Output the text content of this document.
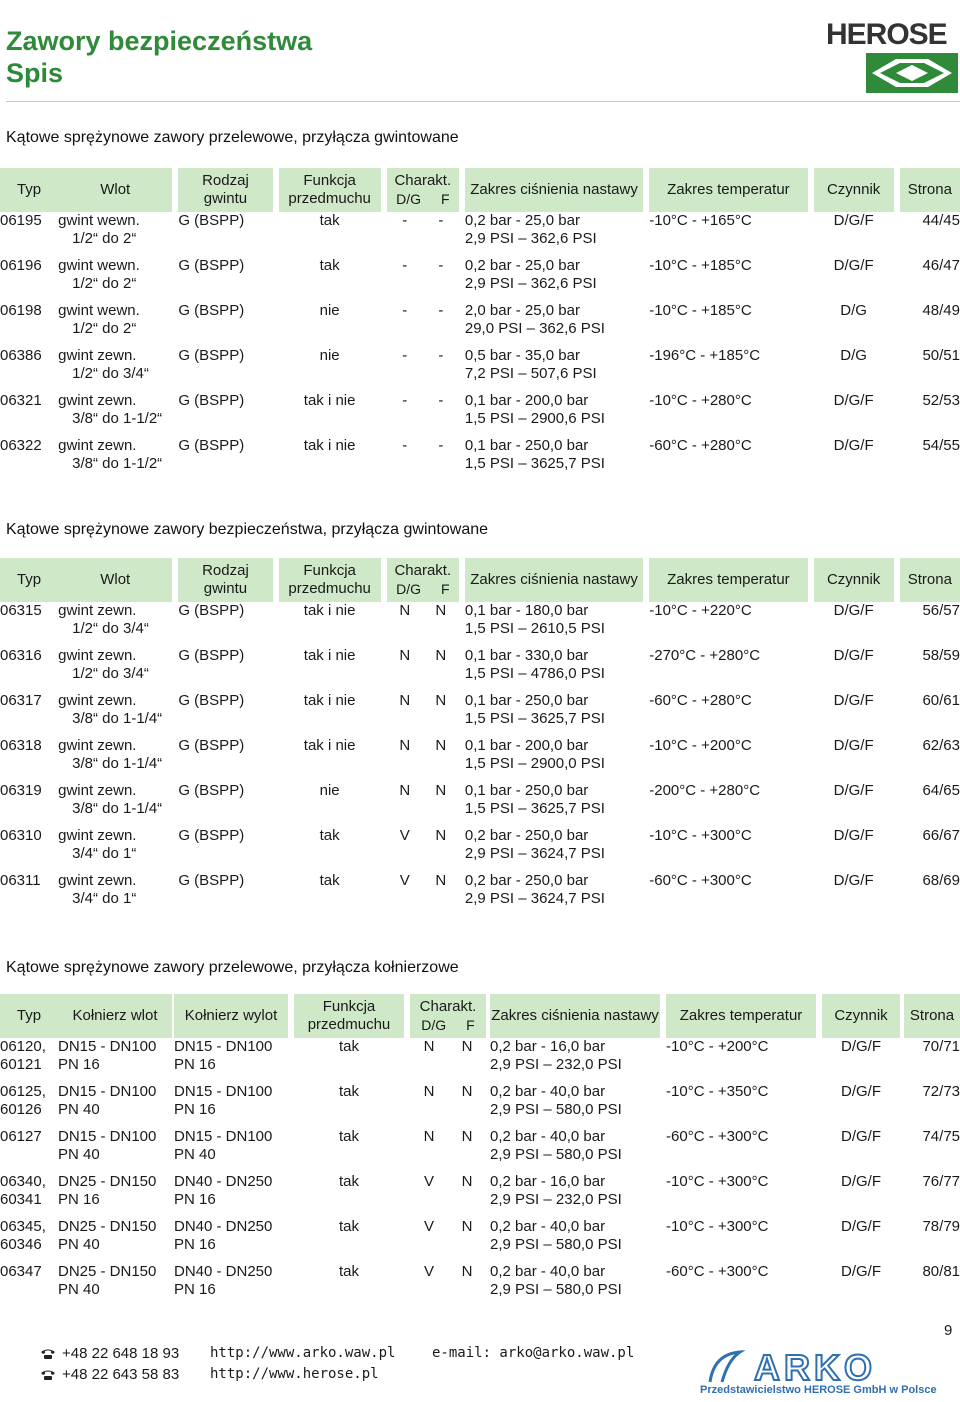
Zawory bezpieczeństwa
Spis
HEROSE
Kątowe sprężynowe zawory przelewowe, przyłącza gwintowane
Typ	Wlot		Rodzaj gwintu		Funkcja przedmuchu		Charakt.
D/G F			Zakres ciśnienia nastawy		Zakres temperatur		Czynnik		Strona
06195	gwint wewn.
1/2“ do 2“		G (BSPP)		tak		-	-		0,2 bar - 25,0 bar
2,9 PSI – 362,6 PSI		-10°C - +165°C		D/G/F		44/45
06196	gwint wewn.
1/2“ do 2“		G (BSPP)		tak		-	-		0,2 bar - 25,0 bar
2,9 PSI – 362,6 PSI		-10°C - +185°C		D/G/F		46/47
06198	gwint wewn.
1/2“ do 2“		G (BSPP)		nie		-	-		2,0 bar - 25,0 bar
29,0 PSI – 362,6 PSI		-10°C - +185°C		D/G		48/49
06386	gwint zewn.
1/2“ do 3/4“		G (BSPP)		nie		-	-		0,5 bar - 35,0 bar
7,2 PSI – 507,6 PSI		-196°C - +185°C		D/G		50/51
06321	gwint zewn.
3/8“ do 1-1/2“		G (BSPP)		tak i nie		-	-		0,1 bar - 200,0 bar
1,5 PSI – 2900,6 PSI		-10°C - +280°C		D/G/F		52/53
06322	gwint zewn.
3/8“ do 1-1/2“		G (BSPP)		tak i nie		-	-		0,1 bar - 250,0 bar
1,5 PSI – 3625,7 PSI		-60°C - +280°C		D/G/F		54/55
Kątowe sprężynowe zawory bezpieczeństwa, przyłącza gwintowane
Typ	Wlot		Rodzaj gwintu		Funkcja przedmuchu		Charakt.
D/G F			Zakres ciśnienia nastawy		Zakres temperatur		Czynnik		Strona
06315	gwint zewn.
1/2“ do 3/4“		G (BSPP)		tak i nie		N	N		0,1 bar - 180,0 bar
1,5 PSI – 2610,5 PSI		-10°C - +220°C		D/G/F		56/57
06316	gwint zewn.
1/2“ do 3/4“		G (BSPP)		tak i nie		N	N		0,1 bar - 330,0 bar
1,5 PSI – 4786,0 PSI		-270°C - +280°C		D/G/F		58/59
06317	gwint zewn.
3/8“ do 1-1/4“		G (BSPP)		tak i nie		N	N		0,1 bar - 250,0 bar
1,5 PSI – 3625,7 PSI		-60°C - +280°C		D/G/F		60/61
06318	gwint zewn.
3/8“ do 1-1/4“		G (BSPP)		tak i nie		N	N		0,1 bar - 200,0 bar
1,5 PSI – 2900,0 PSI		-10°C - +200°C		D/G/F		62/63
06319	gwint zewn.
3/8“ do 1-1/4“		G (BSPP)		nie		N	N		0,1 bar - 250,0 bar
1,5 PSI – 3625,7 PSI		-200°C - +280°C		D/G/F		64/65
06310	gwint zewn.
3/4“ do 1“		G (BSPP)		tak		V	N		0,2 bar - 250,0 bar
2,9 PSI – 3624,7 PSI		-10°C - +300°C		D/G/F		66/67
06311	gwint zewn.
3/4“ do 1“		G (BSPP)		tak		V	N		0,2 bar - 250,0 bar
2,9 PSI – 3624,7 PSI		-60°C - +300°C		D/G/F		68/69
Kątowe sprężynowe zawory przelewowe, przyłącza kołnierzowe
Typ	Kołnierz wlot		Kołnierz wylot		Funkcja przedmuchu		Charakt.
D/G F			Zakres ciśnienia nastawy		Zakres temperatur		Czynnik		Strona

06120,
60121	DN15 - DN100
PN 16		DN15 - DN100
PN 16		tak		N	N		0,2 bar - 16,0 bar
2,9 PSI – 232,0 PSI		-10°C - +200°C		D/G/F		70/71

06125,
60126	DN15 - DN100
PN 40		DN15 - DN100
PN 16		tak		N	N		0,2 bar - 40,0 bar
2,9 PSI – 580,0 PSI		-10°C - +350°C		D/G/F		72/73

06127	DN15 - DN100
PN 40		DN15 - DN100
PN 40		tak		N	N		0,2 bar - 40,0 bar
2,9 PSI – 580,0 PSI		-60°C - +300°C		D/G/F		74/75

06340,
60341	DN25 - DN150
PN 16		DN40 - DN250
PN 16		tak		V	N		0,2 bar - 16,0 bar
2,9 PSI – 232,0 PSI		-10°C - +300°C		D/G/F		76/77

06345,
60346	DN25 - DN150
PN 40		DN40 - DN250
PN 16		tak		V	N		0,2 bar - 40,0 bar
2,9 PSI – 580,0 PSI		-10°C - +300°C		D/G/F		78/79

06347	DN25 - DN150
PN 40		DN40 - DN250
PN 16		tak		V	N		0,2 bar - 40,0 bar
2,9 PSI – 580,0 PSI		-60°C - +300°C		D/G/F		80/81
9
+48 22 648 18 93
+48 22 643 58 83
http://www.arko.waw.pl
http://www.herose.pl
e-mail: arko@arko.waw.pl	ARKO
Przedstawicielstwo HEROSE GmbH w Polsce
